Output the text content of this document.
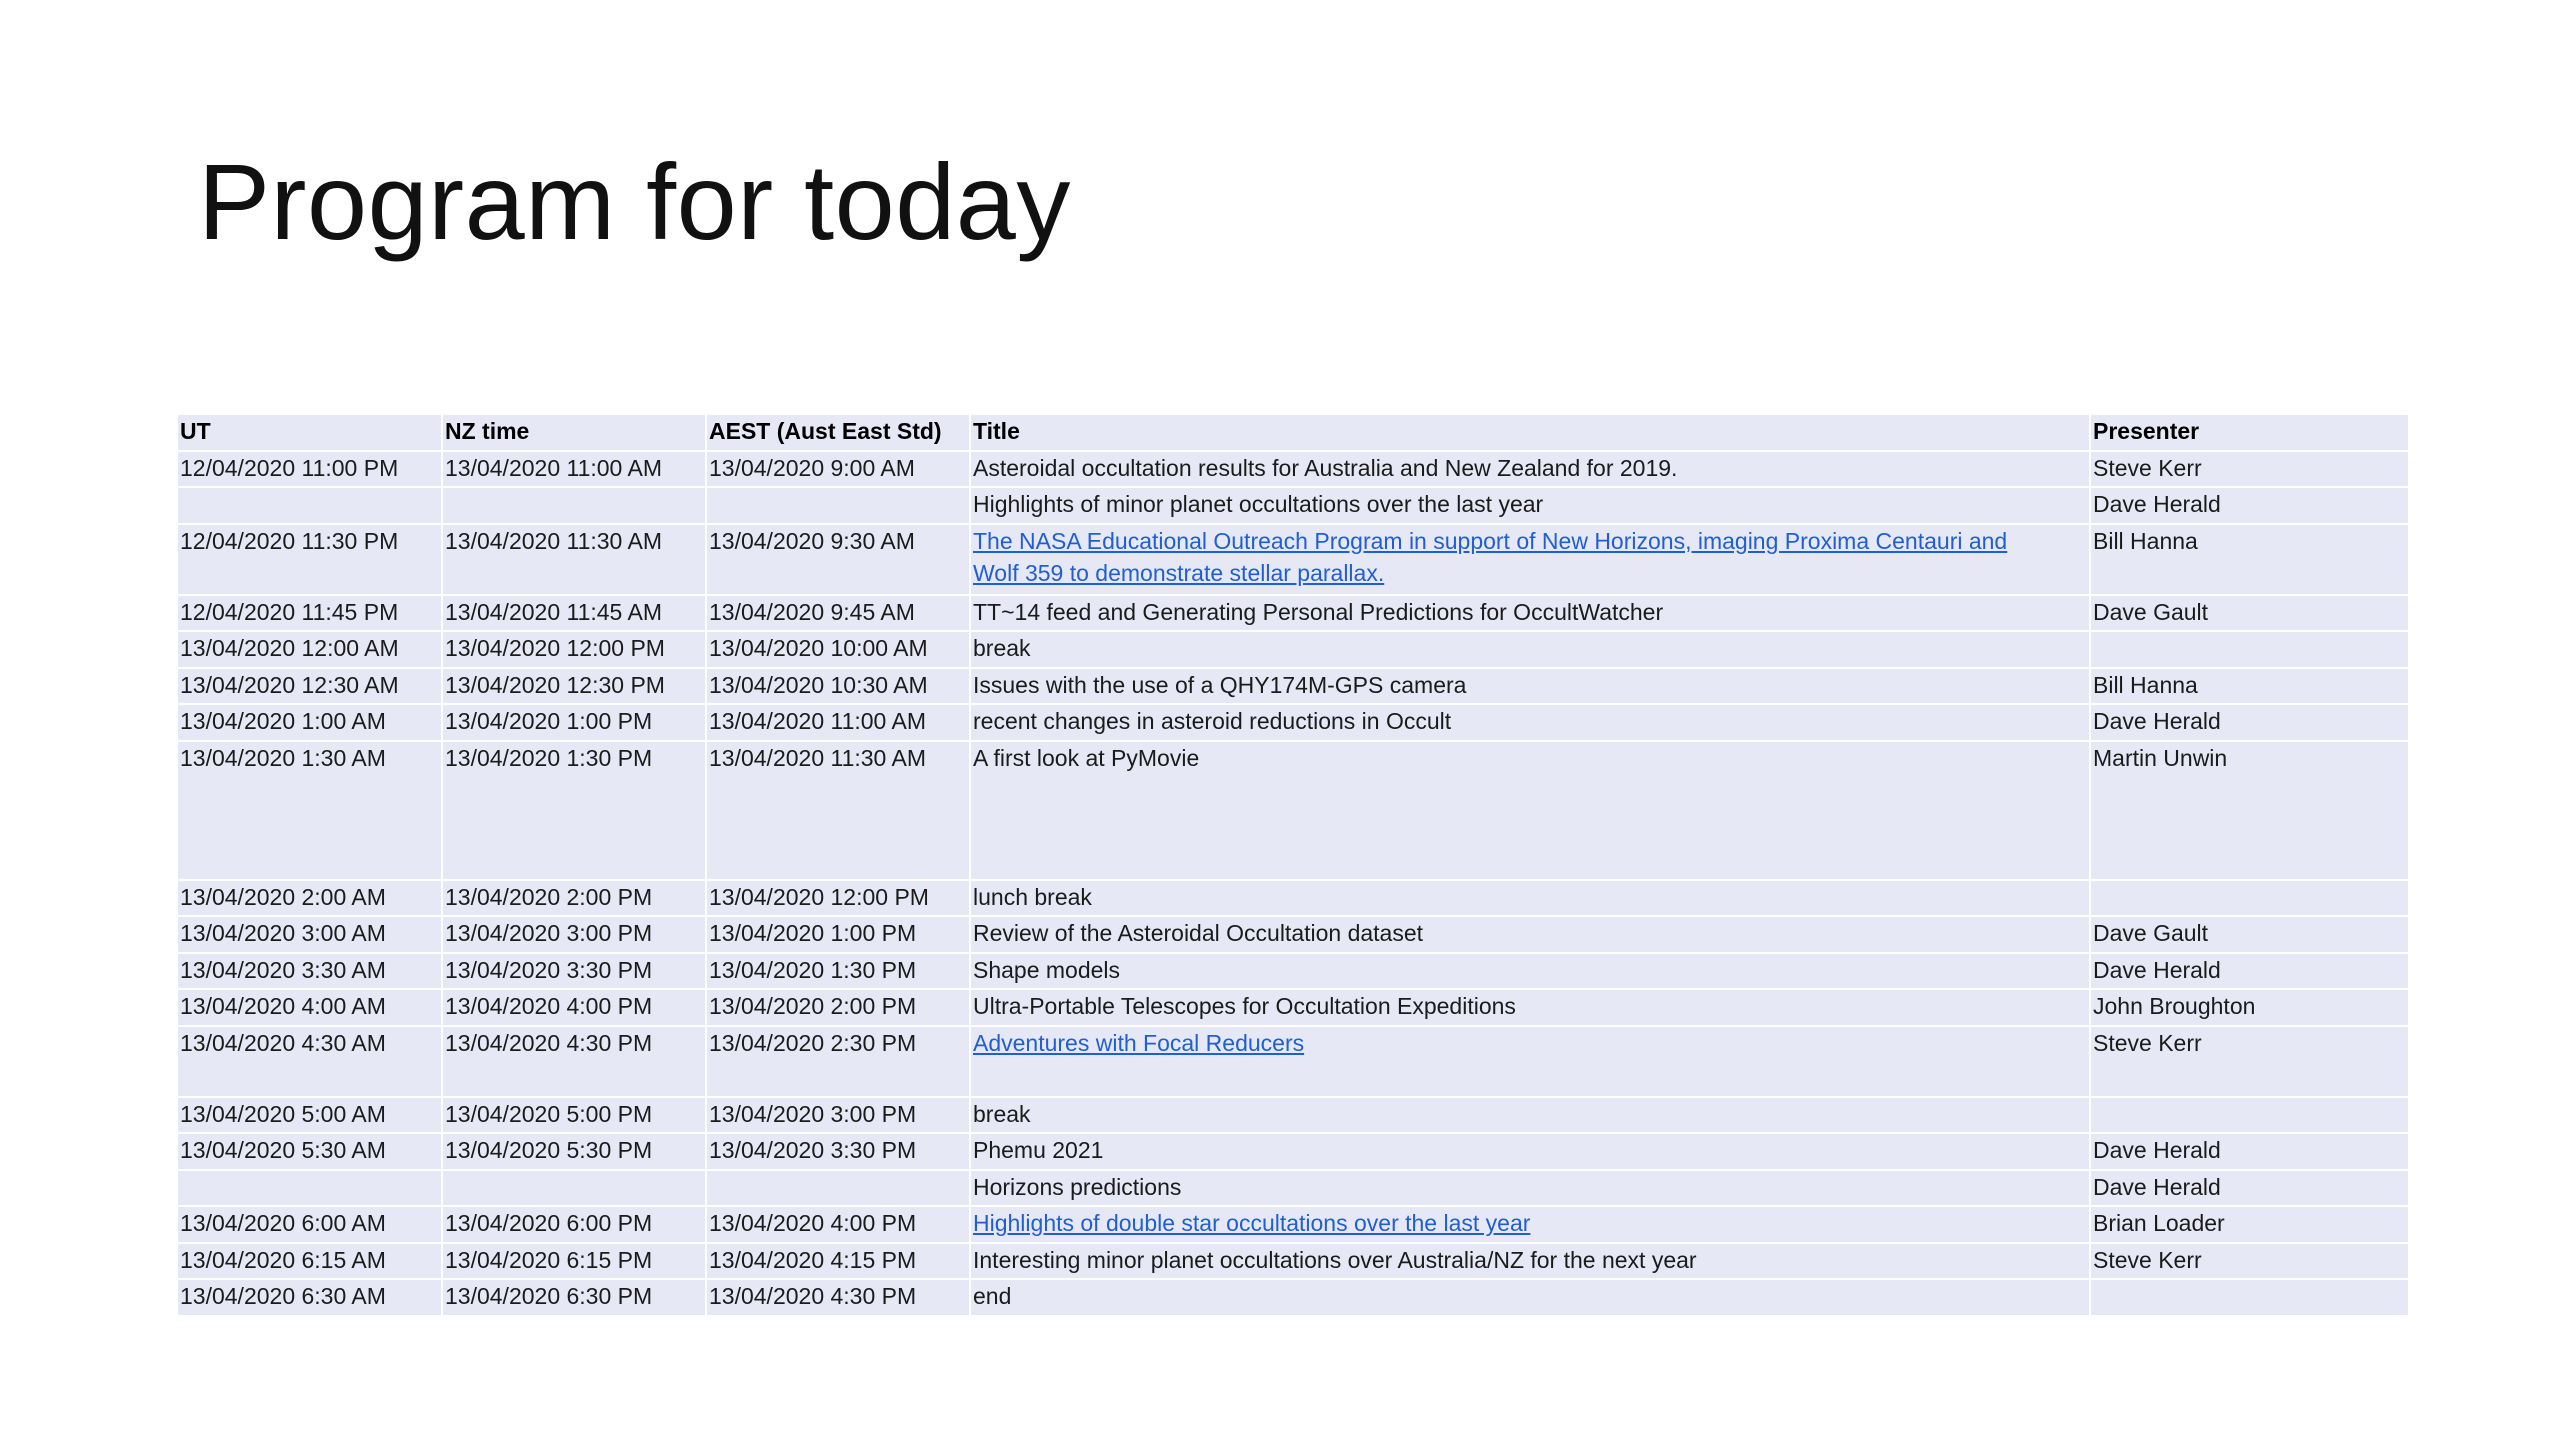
Program for today
UT	NZ time	AEST (Aust East Std)	Title	Presenter
12/04/2020 11:00 PM	13/04/2020 11:00 AM	13/04/2020 9:00 AM	Asteroidal occultation results for Australia and New Zealand for 2019.	Steve Kerr
			Highlights of minor planet occultations over the last year	Dave Herald
12/04/2020 11:30 PM	13/04/2020 11:30 AM	13/04/2020 9:30 AM	The NASA Educational Outreach Program in support of New Horizons, imaging Proxima Centauri and
Wolf 359 to demonstrate stellar parallax.	Bill Hanna
12/04/2020 11:45 PM	13/04/2020 11:45 AM	13/04/2020 9:45 AM	TT~14 feed and Generating Personal Predictions for OccultWatcher	Dave Gault
13/04/2020 12:00 AM	13/04/2020 12:00 PM	13/04/2020 10:00 AM	break	
13/04/2020 12:30 AM	13/04/2020 12:30 PM	13/04/2020 10:30 AM	Issues with the use of a QHY174M-GPS camera	Bill Hanna
13/04/2020 1:00 AM	13/04/2020 1:00 PM	13/04/2020 11:00 AM	recent changes in asteroid reductions in Occult	Dave Herald
13/04/2020 1:30 AM	13/04/2020 1:30 PM	13/04/2020 11:30 AM	A first look at PyMovie	Martin Unwin
13/04/2020 2:00 AM	13/04/2020 2:00 PM	13/04/2020 12:00 PM	lunch break	
13/04/2020 3:00 AM	13/04/2020 3:00 PM	13/04/2020 1:00 PM	Review of the Asteroidal Occultation dataset	Dave Gault
13/04/2020 3:30 AM	13/04/2020 3:30 PM	13/04/2020 1:30 PM	Shape models	Dave Herald
13/04/2020 4:00 AM	13/04/2020 4:00 PM	13/04/2020 2:00 PM	Ultra-Portable Telescopes for Occultation Expeditions	John Broughton
13/04/2020 4:30 AM	13/04/2020 4:30 PM	13/04/2020 2:30 PM	Adventures with Focal Reducers	Steve Kerr
13/04/2020 5:00 AM	13/04/2020 5:00 PM	13/04/2020 3:00 PM	break	
13/04/2020 5:30 AM	13/04/2020 5:30 PM	13/04/2020 3:30 PM	Phemu 2021	Dave Herald
			Horizons predictions	Dave Herald
13/04/2020 6:00 AM	13/04/2020 6:00 PM	13/04/2020 4:00 PM	Highlights of double star occultations over the last year	Brian Loader
13/04/2020 6:15 AM	13/04/2020 6:15 PM	13/04/2020 4:15 PM	Interesting minor planet occultations over Australia/NZ for the next year	Steve Kerr
13/04/2020 6:30 AM	13/04/2020 6:30 PM	13/04/2020 4:30 PM	end	
